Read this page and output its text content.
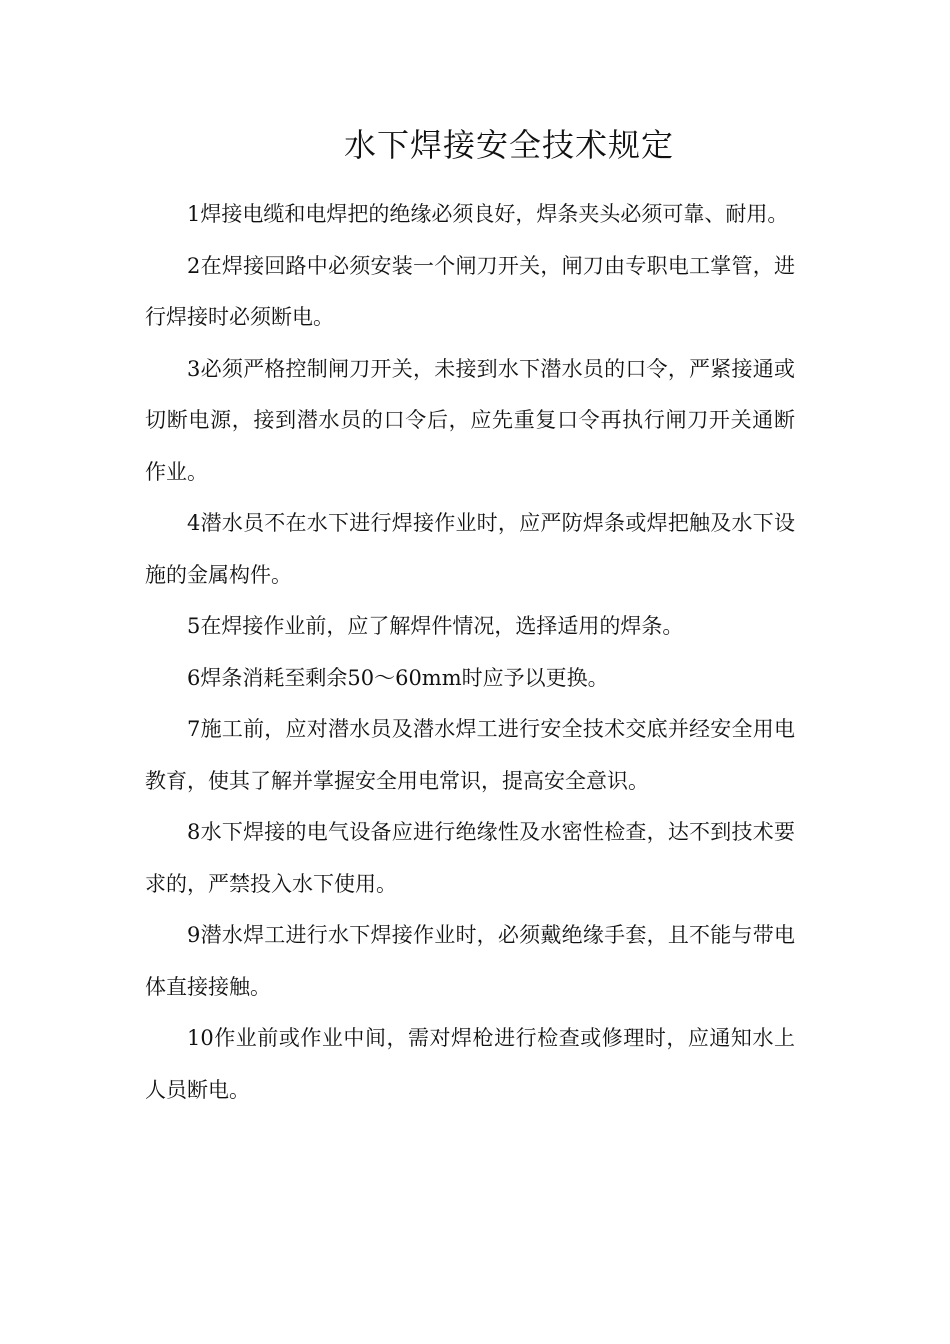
水下焊接安全技术规定

1焊接电缆和电焊把的绝缘必须良好，焊条夹头必须可靠、耐用。

2在焊接回路中必须安装一个闸刀开关，闸刀由专职电工掌管，进行焊接时必须断电。

3必须严格控制闸刀开关，未接到水下潜水员的口令，严紧接通或切断电源，接到潜水员的口令后，应先重复口令再执行闸刀开关通断作业。

4潜水员不在水下进行焊接作业时，应严防焊条或焊把触及水下设施的金属构件。

5在焊接作业前，应了解焊件情况，选择适用的焊条。

6焊条消耗至剩余50～60mm时应予以更换。

7施工前，应对潜水员及潜水焊工进行安全技术交底并经安全用电教育，使其了解并掌握安全用电常识，提高安全意识。

8水下焊接的电气设备应进行绝缘性及水密性检查，达不到技术要求的，严禁投入水下使用。

9潜水焊工进行水下焊接作业时，必须戴绝缘手套，且不能与带电体直接接触。

10作业前或作业中间，需对焊枪进行检查或修理时，应通知水上人员断电。
